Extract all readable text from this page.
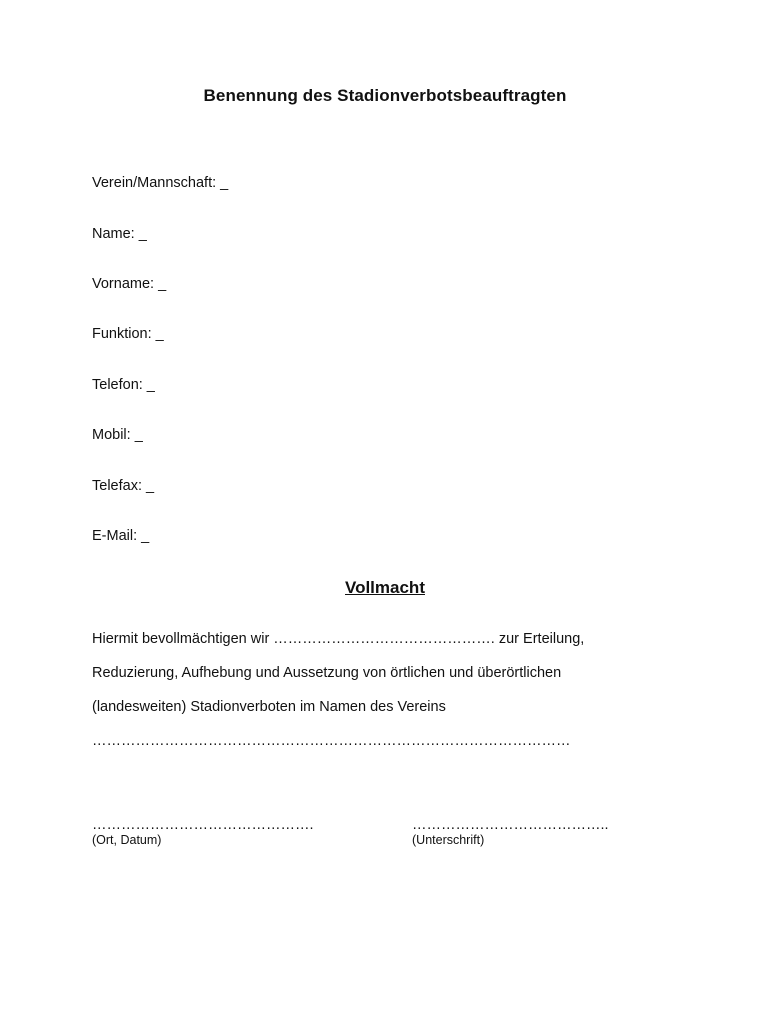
Benennung des Stadionverbotsbeauftragten
Verein/Mannschaft: _
Name: _
Vorname: _
Funktion: _
Telefon: _
Mobil: _
Telefax: _
E-Mail: _
Vollmacht
Hiermit bevollmächtigen wir ………………………………………. zur Erteilung,
Reduzierung, Aufhebung und Aussetzung von örtlichen und überörtlichen
(landesweiten) Stadionverboten im Namen des Vereins
………………………………………………………………………………………
……………………………………….
(Ort, Datum)
…………………………………..
(Unterschrift)
